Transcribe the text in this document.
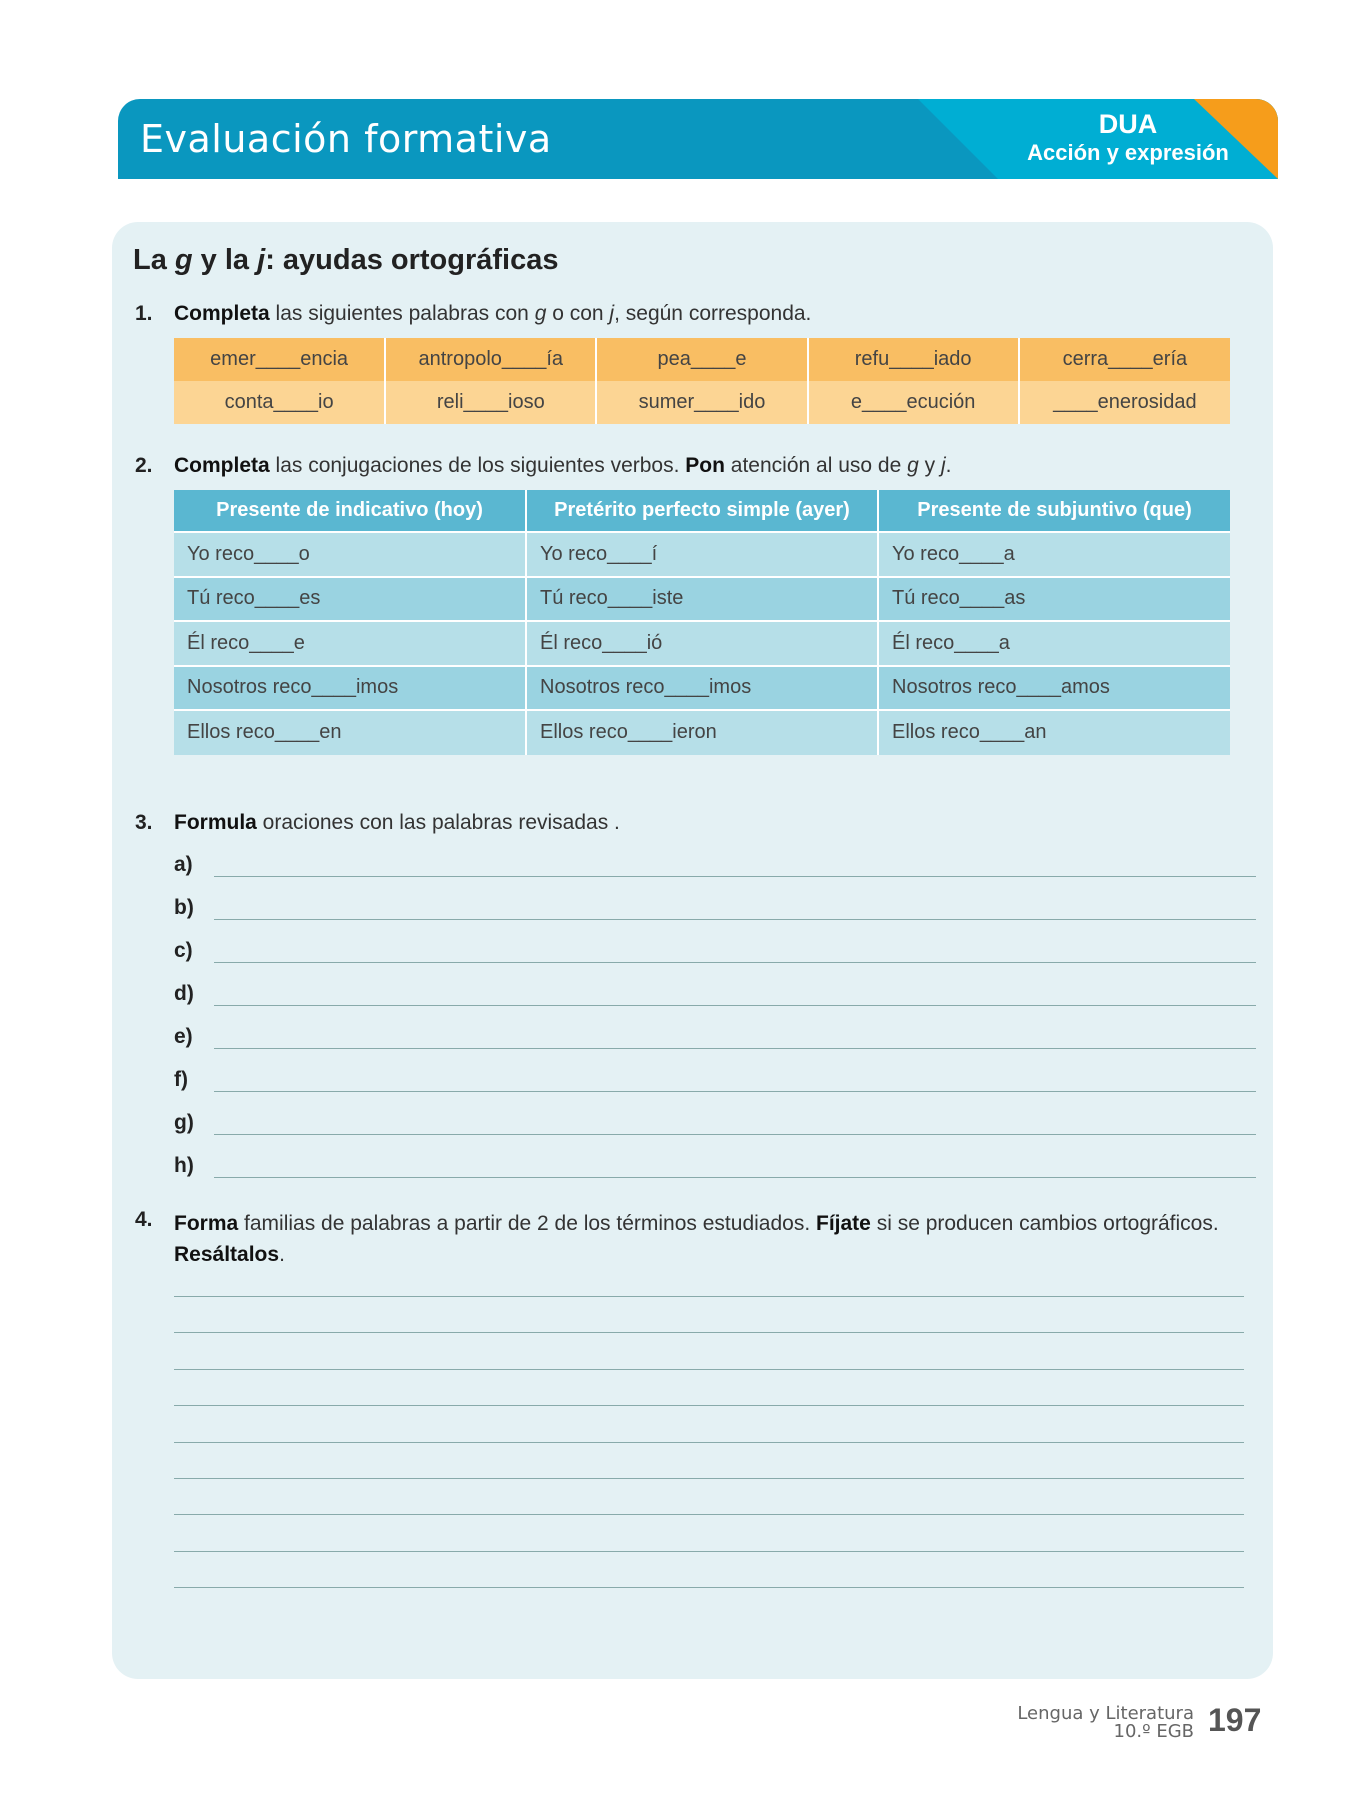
Evaluación formativa	DUA
Acción y expresión
La g y la j: ayudas ortográficas
1. Completa las siguientes palabras con g o con j, según corresponda.
emer____encia	antropolo____ía	pea____e	refu____iado	cerra____ería
conta____io	reli____ioso	sumer____ido	e____ecución	____enerosidad
2. Completa las conjugaciones de los siguientes verbos. Pon atención al uso de g y j.
Presente de indicativo (hoy)	Pretérito perfecto simple (ayer)	Presente de subjuntivo (que)
Yo reco____o	Yo reco____í	Yo reco____a
Tú reco____es	Tú reco____iste	Tú reco____as
Él reco____e	Él reco____ió	Él reco____a
Nosotros reco____imos	Nosotros reco____imos	Nosotros reco____amos
Ellos reco____en	Ellos reco____ieron	Ellos reco____an
3. Formula oraciones con las palabras revisadas .
a)
b)
c)
d)
e)
f)
g)
h)
4. Forma familias de palabras a partir de 2 de los términos estudiados. Fíjate si se producen cambios ortográficos.
Resáltalos.
Lengua y Literatura
10.º EGB 197
